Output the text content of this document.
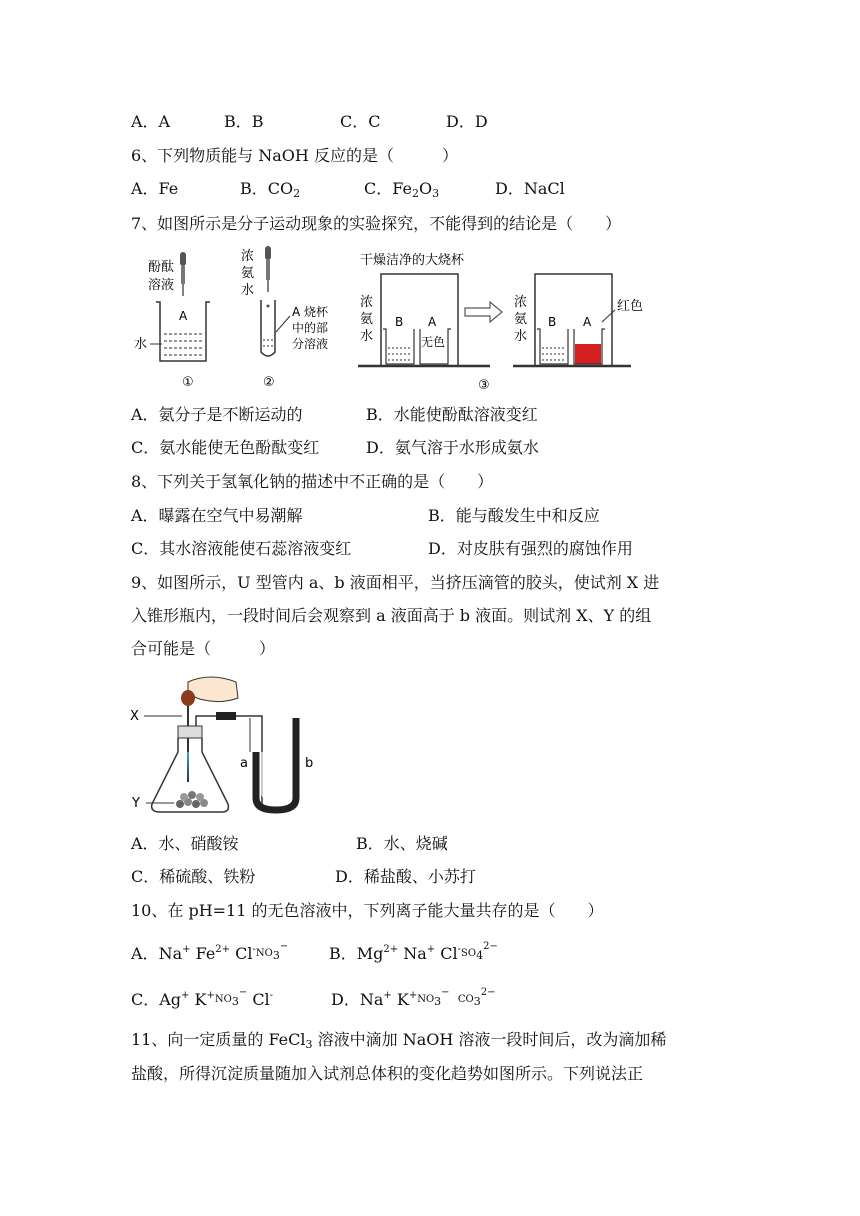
A．A	B．B	C．C	D．D
6、下列物质能与 NaOH 反应的是（　　　）
A．Fe	B．$CO_2$	C．$Fe_2O_3$	D．NaCl
7、如图所示是分子运动现象的实验探究，不能得到的结论是（　　）
酚酞
溶液
A
水
①
浓
氨
水
A 烧杯
中的部
分溶液
②
干燥洁净的大烧杯
浓
氨
水
B A
无色
浓
氨
水
B A
红色
③
A．氨分子是不断运动的	B．水能使酚酞溶液变红
C．氨水能使无色酚酞变红	D．氨气溶于水形成氨水
8、下列关于氢氧化钠的描述中不正确的是（　　）
A．曝露在空气中易潮解	B．能与酸发生中和反应
C．其水溶液能使石蕊溶液变红	D．对皮肤有强烈的腐蚀作用
9、如图所示，U 型管内 a、b 液面相平，当挤压滴管的胶头，使试剂 X 进
入锥形瓶内，一段时间后会观察到 a 液面高于 b 液面。则试剂 X、Y 的组
合可能是（　　　）
X
Y
a	b
A．水、硝酸铵	B．水、烧碱
C．稀硫酸、铁粉	D．稀盐酸、小苏打
10、在 pH=11 的无色溶液中，下列离子能大量共存的是（　　）
A．Na+ $Fe^{2+}$ $Cl^-NO_3^-$	B．$Mg^{2+}$ Na+ $Cl^-SO_4^{2-}$
C．Ag+ $K^+NO_3^-$ Cl-	D．Na+ $K^+NO_3^-$  $CO_3^{2-}$
11、向一定质量的 FeCl$_3$ 溶液中滴加 NaOH 溶液一段时间后，改为滴加稀
盐酸，所得沉淀质量随加入试剂总体积的变化趋势如图所示。下列说法正
